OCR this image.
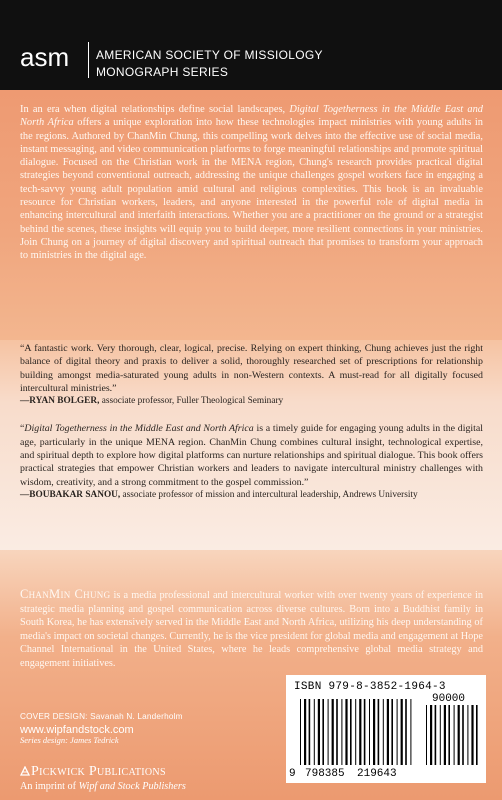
asm AMERICAN SOCIETY OF MISSIOLOGY
MONOGRAPH SERIES

In an era when digital relationships define social landscapes, Digital Togetherness in the Middle East and North Africa offers a unique exploration into how these technologies impact ministries with young adults in the regions. Authored by ChanMin Chung, this compelling work delves into the effective use of social media, instant messaging, and video communication platforms to forge meaningful relationships and promote spiritual dialogue. Focused on the Christian work in the MENA region, Chung's research provides practical digital strategies beyond conventional outreach, addressing the unique challenges gospel workers face in engaging a tech-savvy young adult population amid cultural and religious complexities. This book is an invaluable resource for Christian workers, leaders, and anyone interested in the powerful role of digital media in enhancing intercultural and interfaith interactions. Whether you are a practitioner on the ground or a strategist behind the scenes, these insights will equip you to build deeper, more resilient connections in your ministries. Join Chung on a journey of digital discovery and spiritual outreach that promises to transform your approach to ministries in the digital age.

“A fantastic work. Very thorough, clear, logical, precise. Relying on expert thinking, Chung achieves just the right balance of digital theory and praxis to deliver a solid, thoroughly researched set of prescriptions for relationship building amongst media-saturated young adults in non-Western contexts. A must-read for all digitally focused intercultural ministries.”
—RYAN BOLGER, associate professor, Fuller Theological Seminary

“Digital Togetherness in the Middle East and North Africa is a timely guide for engaging young adults in the digital age, particularly in the unique MENA region. ChanMin Chung combines cultural insight, technological expertise, and spiritual depth to explore how digital platforms can nurture relationships and spiritual dialogue. This book offers practical strategies that empower Christian workers and leaders to navigate intercultural ministry challenges with wisdom, creativity, and a strong commitment to the gospel commission.”
—BOUBAKAR SANOU, associate professor of mission and intercultural leadership, Andrews University

ChanMin Chung is a media professional and intercultural worker with over twenty years of experience in strategic media planning and gospel communication across diverse cultures. Born into a Buddhist family in South Korea, he has extensively served in the Middle East and North Africa, utilizing his deep understanding of media's impact on societal changes. Currently, he is the vice president for global media and engagement at Hope Channel International in the United States, where he leads comprehensive global media strategy and engagement initiatives.

COVER DESIGN: Savanah N. Landerholm
www.wipfandstock.com
Series design: James Tedrick
Pickwick Publications
An imprint of Wipf and Stock Publishers
ISBN 979-8-3852-1964-3
9 798385 219643
90000
